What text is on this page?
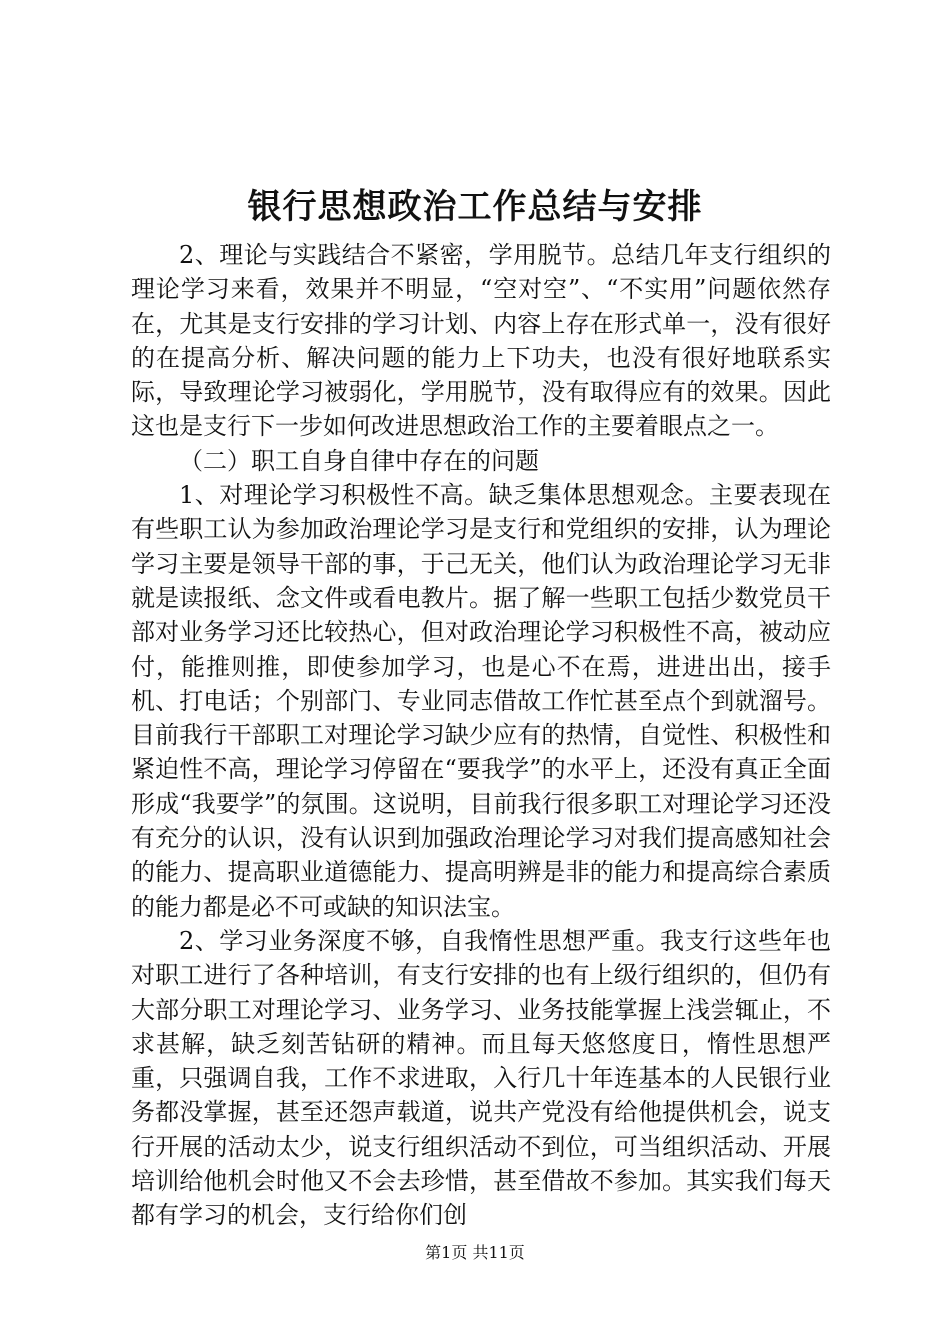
银行思想政治工作总结与安排

2、理论与实践结合不紧密，学用脱节。总结几年支行组织的理论学习来看，效果并不明显，“空对空”、“不实用”问题依然存在，尤其是支行安排的学习计划、内容上存在形式单一，没有很好的在提高分析、解决问题的能力上下功夫，也没有很好地联系实际，导致理论学习被弱化，学用脱节，没有取得应有的效果。因此这也是支行下一步如何改进思想政治工作的主要着眼点之一。

（二）职工自身自律中存在的问题

1、对理论学习积极性不高。缺乏集体思想观念。主要表现在有些职工认为参加政治理论学习是支行和党组织的安排，认为理论学习主要是领导干部的事，于己无关，他们认为政治理论学习无非就是读报纸、念文件或看电教片。据了解一些职工包括少数党员干部对业务学习还比较热心，但对政治理论学习积极性不高，被动应付，能推则推，即使参加学习，也是心不在焉，进进出出，接手机、打电话；个别部门、专业同志借故工作忙甚至点个到就溜号。目前我行干部职工对理论学习缺少应有的热情，自觉性、积极性和紧迫性不高，理论学习停留在“要我学”的水平上，还没有真正全面形成“我要学”的氛围。这说明，目前我行很多职工对理论学习还没有充分的认识，没有认识到加强政治理论学习对我们提高感知社会的能力、提高职业道德能力、提高明辨是非的能力和提高综合素质的能力都是必不可或缺的知识法宝。

2、学习业务深度不够，自我惰性思想严重。我支行这些年也对职工进行了各种培训，有支行安排的也有上级行组织的，但仍有大部分职工对理论学习、业务学习、业务技能掌握上浅尝辄止，不求甚解，缺乏刻苦钻研的精神。而且每天悠悠度日，惰性思想严重，只强调自我，工作不求进取，入行几十年连基本的人民银行业务都没掌握，甚至还怨声载道，说共产党没有给他提供机会，说支行开展的活动太少，说支行组织活动不到位，可当组织活动、开展培训给他机会时他又不会去珍惜，甚至借故不参加。其实我们每天都有学习的机会，支行给你们创

第1页 共11页
